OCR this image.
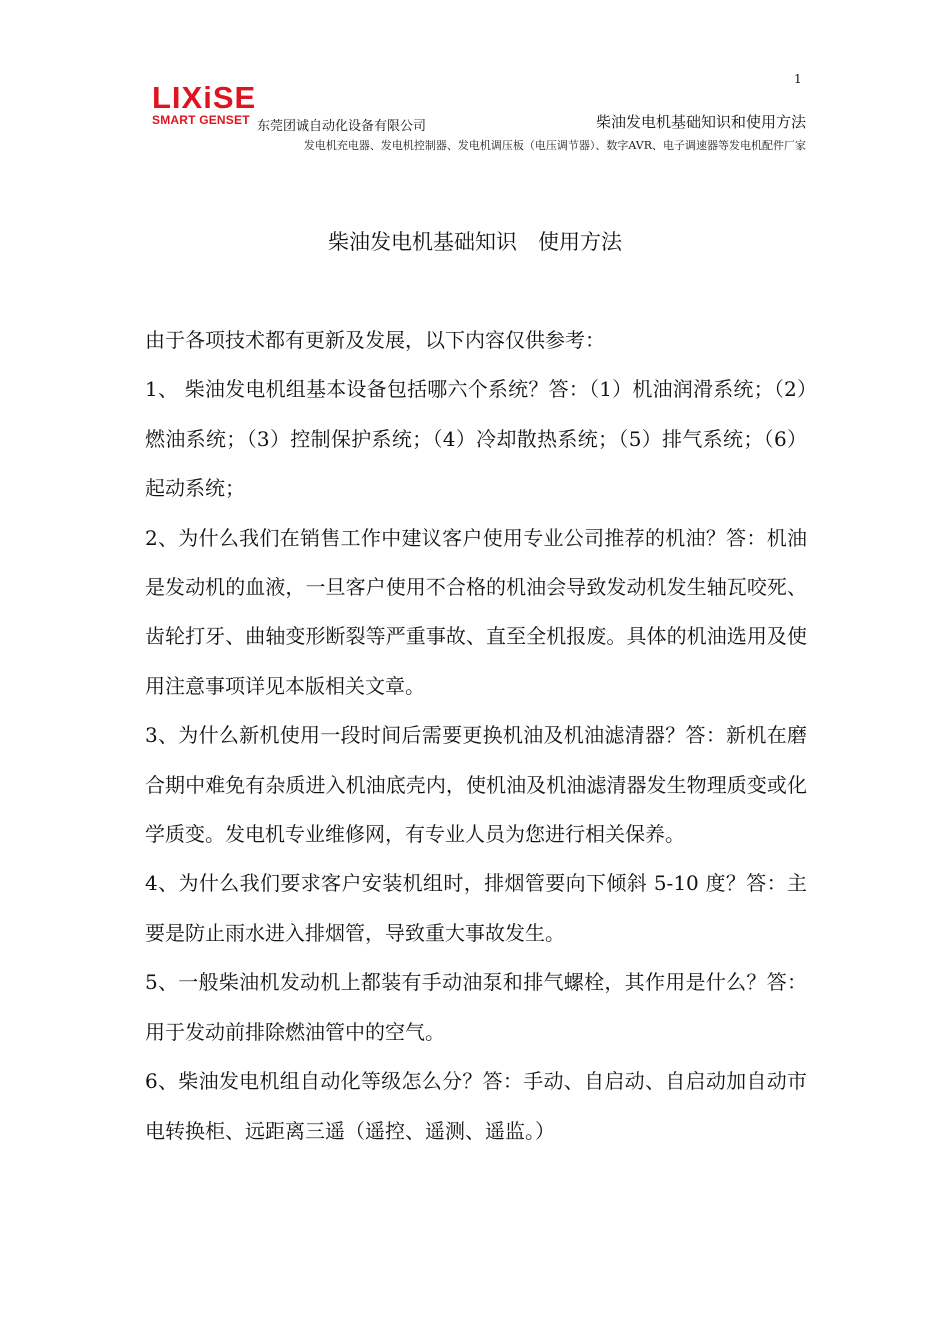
1
LIXiSE
SMART GENSET 东莞团诚自动化设备有限公司	柴油发电机基础知识和使用方法
发电机充电器、发电机控制器、发电机调压板（电压调节器）、数字AVR、电子调速器等发电机配件厂家
柴油发电机基础知识　使用方法

由于各项技术都有更新及发展，以下内容仅供参考：

1、 柴油发电机组基本设备包括哪六个系统？答：（1）机油润滑系统；（2）燃油系统；（3）控制保护系统；（4）冷却散热系统；（5）排气系统；（6）起动系统；

2、为什么我们在销售工作中建议客户使用专业公司推荐的机油？答：机油是发动机的血液，一旦客户使用不合格的机油会导致发动机发生轴瓦咬死、齿轮打牙、曲轴变形断裂等严重事故、直至全机报废。具体的机油选用及使用注意事项详见本版相关文章。

3、为什么新机使用一段时间后需要更换机油及机油滤清器？答：新机在磨合期中难免有杂质进入机油底壳内，使机油及机油滤清器发生物理质变或化学质变。发电机专业维修网，有专业人员为您进行相关保养。

4、为什么我们要求客户安装机组时，排烟管要向下倾斜 5-10 度？答：主要是防止雨水进入排烟管，导致重大事故发生。

5、一般柴油机发动机上都装有手动油泵和排气螺栓，其作用是什么？答：用于发动前排除燃油管中的空气。

6、柴油发电机组自动化等级怎么分？答：手动、自启动、自启动加自动市电转换柜、远距离三遥（遥控、遥测、遥监。）
